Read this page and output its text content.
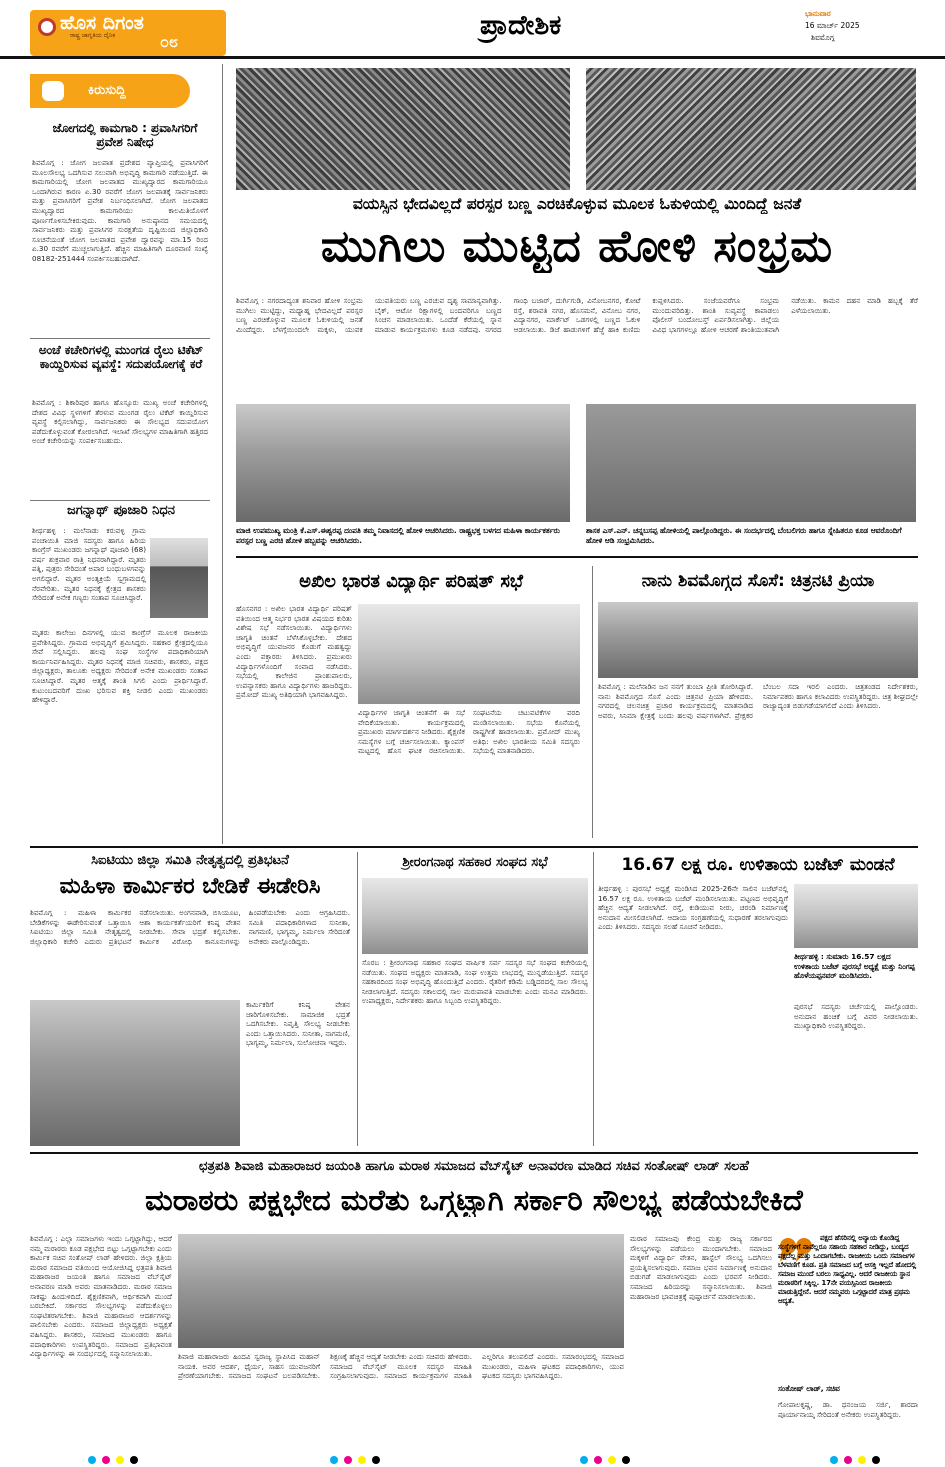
ಹೊಸ ದಿಗಂತ
ರಾಷ್ಟ್ರ ಜಾಗೃತಿಯ ದೈನಿಕ	೦೮
ಪ್ರಾದೇಶಿಕ	ಭಾನುವಾರ
16 ಮಾರ್ಚ್ 2025
ಶಿವಮೊಗ್ಗ
ಕಿರುಸುದ್ದಿ
ಜೋಗದಲ್ಲಿ ಕಾಮಗಾರಿ : ಪ್ರವಾಸಿಗರಿಗೆ ಪ್ರವೇಶ ನಿಷೇಧ
ಶಿವಮೊಗ್ಗ : ಜೋಗ ಜಲಪಾತ ಪ್ರದೇಶದ ವ್ಯಾಪ್ತಿಯಲ್ಲಿ ಪ್ರವಾಸಿಗರಿಗೆ ಮೂಲಸೌಲಭ್ಯ ಒದಗಿಸುವ ಸಲುವಾಗಿ ಅಭಿವೃದ್ಧಿ ಕಾಮಗಾರಿ ನಡೆಯುತ್ತಿದೆ. ಈ ಕಾಮಗಾರಿಯಲ್ಲಿ ಜೋಗ ಜಲಪಾತದ ಮುಖ್ಯದ್ವಾರದ ಕಾಮಗಾರಿಯೂ ಒಂದಾಗಿರುವ ಕಾರಣ ಏ.30 ರವರೆಗೆ ಜೋಗ ಜಲಪಾತಕ್ಕೆ ಸಾರ್ವಜನಿಕರು ಮತ್ತು ಪ್ರವಾಸಿಗರಿಗೆ ಪ್ರವೇಶ ನಿರ್ಬಂಧಿಸಲಾಗಿದೆ. ಜೋಗ ಜಲಪಾತದ ಮುಖ್ಯದ್ವಾರದ ಕಾಮಗಾರಿಯು ಕಾಲಮಿತಿಯೊಳಗೆ ಪೂರ್ಣಗೊಳಿಸಬೇಕಿರುವುದು. ಕಾಮಗಾರಿ ಅನುಷ್ಠಾನದ ಸಮಯದಲ್ಲಿ ಸಾರ್ವಜನಿಕರು ಮತ್ತು ಪ್ರವಾಸಿಗರ ಸುರಕ್ಷತೆಯ ದೃಷ್ಟಿಯಿಂದ ಜಿಲ್ಲಾಧಿಕಾರಿ ಸೂಚನೆಯಂತೆ ಜೋಗ ಜಲಪಾತದ ಪ್ರವೇಶ ದ್ವಾರವನ್ನು ಮಾ.15 ರಿಂದ ಏ.30 ರವರೆಗೆ ಮುಚ್ಚಲಾಗುತ್ತಿದೆ. ಹೆಚ್ಚಿನ ಮಾಹಿತಿಗಾಗಿ ದೂರವಾಣಿ ಸಂಖ್ಯೆ 08182-251444 ಸಂಪರ್ಕಿಸಬಹುದಾಗಿದೆ.
ಅಂಚೆ ಕಚೇರಿಗಳಲ್ಲಿ ಮುಂಗಡ ರೈಲು ಟಿಕೆಟ್ ಕಾಯ್ದಿರಿಸುವ ವ್ಯವಸ್ಥೆ: ಸದುಪಯೋಗಕ್ಕೆ ಕರೆ
ಶಿವಮೊಗ್ಗ : ಶಿಕಾರಿಪುರ ಹಾಗೂ ಹೊಸ್ಸೂರು ಮುಖ್ಯ ಅಂಚೆ ಕಚೇರಿಗಳಲ್ಲಿ ದೇಶದ ವಿವಿಧ ಸ್ಥಳಗಳಿಗೆ ತೆರಳುವ ಮುಂಗಡ ರೈಲು ಟಿಕೆಟ್ ಕಾಯ್ದಿರಿಸುವ ವ್ಯವಸ್ಥೆ ಕಲ್ಪಿಸಲಾಗಿದ್ದು, ಸಾರ್ವಜನಿಕರು ಈ ಸೌಲಭ್ಯದ ಸದುಪಯೋಗ ಪಡೆದುಕೊಳ್ಳುವಂತೆ ಕೋರಲಾಗಿದೆ. ಇಲಾಖೆ ಸೌಲಭ್ಯಗಳ ಮಾಹಿತಿಗಾಗಿ ಹತ್ತಿರದ ಅಂಚೆ ಕಚೇರಿಯನ್ನು ಸಂಪರ್ಕಿಸಬಹುದು.
ಜಗನ್ನಾಥ್ ಪೂಜಾರಿ ನಿಧನ
ಶೀರ್ಥಹಳ್ಳಿ : ಮಲೆನಾಡು ಕರುವಳ್ಳಿ ಗ್ರಾಮ ಪಂಚಾಯಿತಿ ಮಾಜಿ ಸದಸ್ಯರು ಹಾಗೂ ಹಿರಿಯ ಕಾಂಗ್ರೆಸ್ ಮುಖಂಡರು ಜಗನ್ನಾಥ್ ಪೂಜಾರಿ (68) ವರ್ಷ ಶುಕ್ರವಾರ ರಾತ್ರಿ ನಿಧನರಾಗಿದ್ದಾರೆ. ಮೃತರು ಪತ್ನಿ, ಪುತ್ರರು ಸೇರಿದಂತೆ ಅಪಾರ ಬಂಧುಬಳಗವನ್ನು ಅಗಲಿದ್ದಾರೆ. ಮೃತರ ಅಂತ್ಯಕ್ರಿಯೆ ಸ್ವಗ್ರಾಮದಲ್ಲಿ ನೆರವೇರಿತು. ಮೃತರ ನಿಧನಕ್ಕೆ ಕ್ಷೇತ್ರದ ಶಾಸಕರು ಸೇರಿದಂತೆ ಅನೇಕ ಗಣ್ಯರು ಸಂತಾಪ ಸೂಚಿಸಿದ್ದಾರೆ.
ಮೃತರು ಕಾಲೇಜು ದಿನಗಳಲ್ಲಿ ಯುವ ಕಾಂಗ್ರೆಸ್ ಮೂಲಕ ರಾಜಕೀಯ ಪ್ರವೇಶಿಸಿದ್ದರು. ಗ್ರಾಮದ ಅಭಿವೃದ್ಧಿಗೆ ಶ್ರಮಿಸಿದ್ದರು. ಸಹಕಾರ ಕ್ಷೇತ್ರದಲ್ಲಿಯೂ ಸೇವೆ ಸಲ್ಲಿಸಿದ್ದರು. ಹಲವು ಸಂಘ ಸಂಸ್ಥೆಗಳ ಪದಾಧಿಕಾರಿಯಾಗಿ ಕಾರ್ಯನಿರ್ವಹಿಸಿದ್ದರು. ಮೃತರ ನಿಧನಕ್ಕೆ ಮಾಜಿ ಸಚಿವರು, ಶಾಸಕರು, ಪಕ್ಷದ ಜಿಲ್ಲಾಧ್ಯಕ್ಷರು, ತಾಲೂಕು ಅಧ್ಯಕ್ಷರು ಸೇರಿದಂತೆ ಅನೇಕ ಮುಖಂಡರು ಸಂತಾಪ ಸೂಚಿಸಿದ್ದಾರೆ. ಮೃತರ ಆತ್ಮಕ್ಕೆ ಶಾಂತಿ ಸಿಗಲಿ ಎಂದು ಪ್ರಾರ್ಥಿಸಿದ್ದಾರೆ. ಕುಟುಂಬದವರಿಗೆ ದುಃಖ ಭರಿಸುವ ಶಕ್ತಿ ನೀಡಲಿ ಎಂದು ಮುಖಂಡರು ಹೇಳಿದ್ದಾರೆ.
ವಯಸ್ಸಿನ ಭೇದವಿಲ್ಲದೆ ಪರಸ್ಪರ ಬಣ್ಣ ಎರಚಿಕೊಳ್ಳುವ ಮೂಲಕ ಓಕುಳಿಯಲ್ಲಿ ಮಿಂದಿದ್ದೆ ಜನತೆ
ಮುಗಿಲು ಮುಟ್ಟಿದ ಹೋಳಿ ಸಂಭ್ರಮ
ಶಿವಮೊಗ್ಗ : ನಗರದಾದ್ಯಂತ ಶನಿವಾರ ಹೋಳಿ ಸಂಭ್ರಮ ಮುಗಿಲು ಮುಟ್ಟಿದ್ದು, ಮಧ್ಯಾಹ್ನ ಭೇದವಿಲ್ಲದೆ ಪರಸ್ಪರ ಬಣ್ಣ ಎರಚಿಕೊಳ್ಳುವ ಮೂಲಕ ಓಕುಳಿಯಲ್ಲಿ ಜನತೆ ಮಿಂದೆದ್ದರು. ಬೆಳಗ್ಗೆಯಿಂದಲೇ ಮಕ್ಕಳು, ಯುವಕ ಯುವತಿಯರು ಬಣ್ಣ ಎರಚುವ ದೃಶ್ಯ ಸಾಮಾನ್ಯವಾಗಿತ್ತು. ಬೈಕ್, ಆಟೋ ರಿಕ್ಷಾಗಳಲ್ಲಿ ಬಂದವರಿಗೂ ಬಣ್ಣದ ಸಿಂಚನ ಮಾಡಲಾಯಿತು. ಒಂದೆಡೆ ಕೆರೆಯಲ್ಲಿ ಸ್ನಾನ ಮಾಡುವ ಕಾರ್ಯಕ್ರಮಗಳು ಕೂಡ ನಡೆದವು. ನಗರದ ಗಾಂಧಿ ಬಜಾರ್, ದುರ್ಗಿಗುಡಿ, ವಿನೋಬನಗರ, ಕೋಟೆ ರಸ್ತೆ, ಶರಾವತಿ ನಗರ, ಹೊಸಮನೆ, ವಿನೋಬ ನಗರ, ವಿದ್ಯಾನಗರ, ಮಾರ್ಕೆಟ್ ಒಡಗಳಲ್ಲಿ ಬಣ್ಣದ ಓಕುಳಿ ಆಡಲಾಯಿತು. ಡಿಜೆ ಹಾಡುಗಳಿಗೆ ಹೆಜ್ಜೆ ಹಾಕಿ ಕುಣಿದು ಕುಪ್ಪಳಿಸಿದರು. ಸಂಜೆಯವರೆಗೂ ಸಂಭ್ರಮ ಮುಂದುವರಿದಿತ್ತು. ಶಾಂತಿ ಸುವ್ಯವಸ್ಥೆ ಕಾಪಾಡಲು ಪೊಲೀಸ್ ಬಂದೋಬಸ್ತ್ ಏರ್ಪಡಿಸಲಾಗಿತ್ತು. ಜಿಲ್ಲೆಯ ವಿವಿಧ ಭಾಗಗಳಲ್ಲೂ ಹೋಳಿ ಆಚರಣೆ ಶಾಂತಿಯುತವಾಗಿ ನಡೆಯಿತು. ಕಾಮನ ದಹನ ಮಾಡಿ ಹಬ್ಬಕ್ಕೆ ತೆರೆ ಎಳೆಯಲಾಯಿತು.
ಮಾಜಿ ಉಪಮುಖ್ಯ ಮಂತ್ರಿ ಕೆ.ಎಸ್.ಈಶ್ವರಪ್ಪ ದಂಪತಿ ತಮ್ಮ ನಿವಾಸದಲ್ಲಿ ಹೋಳಿ ಆಚರಿಸಿದರು. ರಾಷ್ಟ್ರಭಕ್ತ ಬಳಗದ ಮಹಿಳಾ ಕಾರ್ಯಕರ್ತರು ಪರಸ್ಪರ ಬಣ್ಣ ಎರಚಿ ಹೋಳಿ ಹಬ್ಬವನ್ನು ಆಚರಿಸಿದರು.
ಶಾಸಕ ಎಸ್.ಎನ್. ಚನ್ನಬಸಪ್ಪ ಹೋಳಿಯಲ್ಲಿ ಪಾಲ್ಗೊಂಡಿದ್ದರು. ಈ ಸಂದರ್ಭದಲ್ಲಿ ಬೆಂಬಲಿಗರು ಹಾಗೂ ಸ್ನೇಹಿತರೂ ಕೂಡ ಆವರೊಂದಿಗೆ ಹೋಳಿ ಆಡಿ ಸಂಭ್ರಮಿಸಿದರು.
ಅಖಿಲ ಭಾರತ ವಿದ್ಯಾರ್ಥಿ ಪರಿಷತ್ ಸಭೆ
ಹೊಸನಗರ : ಅಖಿಲ ಭಾರತ ವಿದ್ಯಾರ್ಥಿ ಪರಿಷತ್ ವತಿಯಿಂದ ಆತ್ಮ ನಿರ್ಭರ ಭಾರತ ವಿಷಯದ ಕುರಿತು ವಿಶೇಷ ಸಭೆ ನಡೆಸಲಾಯಿತು. ವಿದ್ಯಾರ್ಥಿಗಳು ಜಾಗೃತಿ ಚಿಂತನೆ ಬೆಳೆಸಿಕೊಳ್ಳಬೇಕು. ದೇಶದ ಅಭಿವೃದ್ಧಿಗೆ ಯುವಜನರ ಕೊಡುಗೆ ಮಹತ್ವದ್ದು ಎಂದು ವಕ್ತಾರರು ತಿಳಿಸಿದರು. ಪ್ರಮುಖರು ವಿದ್ಯಾರ್ಥಿಗಳೊಂದಿಗೆ ಸಂವಾದ ನಡೆಸಿದರು. ಸಭೆಯಲ್ಲಿ ಕಾಲೇಜಿನ ಪ್ರಾಂಶುಪಾಲರು, ಉಪನ್ಯಾಸಕರು ಹಾಗೂ ವಿದ್ಯಾರ್ಥಿಗಳು ಹಾಜರಿದ್ದರು. ಪ್ರಮೋದ್ ಮುಖ್ಯ ಅತಿಥಿಯಾಗಿ ಭಾಗವಹಿಸಿದ್ದರು.
ವಿದ್ಯಾರ್ಥಿಗಳ ಜಾಗೃತಿ ಚಿಂತನೆಗೆ ಈ ಸಭೆ ವೇದಿಕೆಯಾಯಿತು. ಕಾರ್ಯಕ್ರಮದಲ್ಲಿ ಪ್ರಮುಖರು ಮಾರ್ಗದರ್ಶನ ನೀಡಿದರು. ಶೈಕ್ಷಣಿಕ ಸಮಸ್ಯೆಗಳ ಬಗ್ಗೆ ಚರ್ಚಿಸಲಾಯಿತು. ಕ್ಯಾಂಪಸ್ ಮಟ್ಟದಲ್ಲಿ ಹೊಸ ಘಟಕ ರಚಿಸಲಾಯಿತು. ಸಂಘಟನೆಯ ಚಟುವಟಿಕೆಗಳ ವರದಿ ಮಂಡಿಸಲಾಯಿತು. ಸಭೆಯ ಕೊನೆಯಲ್ಲಿ ರಾಷ್ಟ್ರಗೀತೆ ಹಾಡಲಾಯಿತು. ಪ್ರಮೋದ್ ಮುಖ್ಯ ಅತಿಥಿ: ಅಖಿಲ ಭಾರತೀಯ ಸಮಿತಿ ಸದಸ್ಯರು ಸಭೆಯಲ್ಲಿ ಮಾತನಾಡಿದರು.
ನಾನು ಶಿವಮೊಗ್ಗದ ಸೊಸೆ: ಚಿತ್ರನಟಿ ಪ್ರಿಯಾ
ಶಿವಮೊಗ್ಗ : ಮಲೆನಾಡಿನ ಜನ ನನಗೆ ತುಂಬಾ ಪ್ರೀತಿ ತೋರಿಸಿದ್ದಾರೆ. ನಾನು ಶಿವಮೊಗ್ಗದ ಸೊಸೆ ಎಂದು ಚಿತ್ರನಟಿ ಪ್ರಿಯಾ ಹೇಳಿದರು. ನಗರದಲ್ಲಿ ಚಲನಚಿತ್ರ ಪ್ರಚಾರ ಕಾರ್ಯಕ್ರಮದಲ್ಲಿ ಮಾತನಾಡಿದ ಅವರು, ಸಿನಿಮಾ ಕ್ಷೇತ್ರಕ್ಕೆ ಬಂದು ಹಲವು ವರ್ಷಗಳಾಗಿವೆ. ಪ್ರೇಕ್ಷಕರ ಬೆಂಬಲ ಸದಾ ಇರಲಿ ಎಂದರು. ಚಿತ್ರತಂಡದ ನಿರ್ದೇಶಕರು, ನಿರ್ಮಾಪಕರು ಹಾಗೂ ಕಲಾವಿದರು ಉಪಸ್ಥಿತರಿದ್ದರು. ಚಿತ್ರ ಶೀಘ್ರದಲ್ಲೇ ರಾಜ್ಯಾದ್ಯಂತ ಬಿಡುಗಡೆಯಾಗಲಿದೆ ಎಂದು ತಿಳಿಸಿದರು.
ಸಿಐಟಿಯು ಜಿಲ್ಲಾ ಸಮಿತಿ ನೇತೃತ್ವದಲ್ಲಿ ಪ್ರತಿಭಟನೆ
ಮಹಿಳಾ ಕಾರ್ಮಿಕರ ಬೇಡಿಕೆ ಈಡೇರಿಸಿ
ಶಿವಮೊಗ್ಗ : ಮಹಿಳಾ ಕಾರ್ಮಿಕರ ಬೇಡಿಕೆಗಳನ್ನು ಈಡೇರಿಸುವಂತೆ ಒತ್ತಾಯಿಸಿ ಸಿಐಟಿಯು ಜಿಲ್ಲಾ ಸಮಿತಿ ನೇತೃತ್ವದಲ್ಲಿ ಜಿಲ್ಲಾಧಿಕಾರಿ ಕಚೇರಿ ಎದುರು ಪ್ರತಿಭಟನೆ ನಡೆಸಲಾಯಿತು. ಅಂಗನವಾಡಿ, ಬಿಸಿಯೂಟ, ಆಶಾ ಕಾರ್ಯಕರ್ತೆಯರಿಗೆ ಕನಿಷ್ಠ ವೇತನ ನೀಡಬೇಕು. ಸೇವಾ ಭದ್ರತೆ ಕಲ್ಪಿಸಬೇಕು. ಕಾರ್ಮಿಕ ವಿರೋಧಿ ಕಾನೂನುಗಳನ್ನು ಹಿಂಪಡೆಯಬೇಕು ಎಂದು ಆಗ್ರಹಿಸಿದರು. ಸಮಿತಿ ಪದಾಧಿಕಾರಿಗಳಾದ ಸುನೀತಾ, ನಾಗಮಣಿ, ಭಾಗ್ಯಮ್ಮ, ನಿರ್ಮಲಾ ಸೇರಿದಂತೆ ಅನೇಕರು ಪಾಲ್ಗೊಂಡಿದ್ದರು.
ಕಾರ್ಮಿಕರಿಗೆ ಕನಿಷ್ಠ ವೇತನ ಜಾರಿಗೊಳಿಸಬೇಕು. ಸಾಮಾಜಿಕ ಭದ್ರತೆ ಒದಗಿಸಬೇಕು. ನಿವೃತ್ತಿ ಸೌಲಭ್ಯ ನೀಡಬೇಕು ಎಂದು ಒತ್ತಾಯಿಸಿದರು. ಸುನೀತಾ, ನಾಗಮಣಿ, ಭಾಗ್ಯಮ್ಮ, ನಿರ್ಮಲಾ, ಸುಲೋಚನಾ ಇದ್ದರು.
ಶ್ರೀರಂಗನಾಥ ಸಹಕಾರ ಸಂಘದ ಸಭೆ
ಸೊರಬ : ಶ್ರೀರಂಗನಾಥ ಸಹಕಾರ ಸಂಘದ ವಾರ್ಷಿಕ ಸರ್ವ ಸದಸ್ಯರ ಸಭೆ ಸಂಘದ ಕಚೇರಿಯಲ್ಲಿ ನಡೆಯಿತು. ಸಂಘದ ಅಧ್ಯಕ್ಷರು ಮಾತನಾಡಿ, ಸಂಘ ಉತ್ತಮ ಲಾಭದಲ್ಲಿ ಮುನ್ನಡೆಯುತ್ತಿದೆ. ಸದಸ್ಯರ ಸಹಕಾರದಿಂದ ಸಂಘ ಅಭಿವೃದ್ಧಿ ಹೊಂದುತ್ತಿದೆ ಎಂದರು. ರೈತರಿಗೆ ಕಡಿಮೆ ಬಡ್ಡಿದರದಲ್ಲಿ ಸಾಲ ಸೌಲಭ್ಯ ನೀಡಲಾಗುತ್ತಿದೆ. ಸದಸ್ಯರು ಸಕಾಲದಲ್ಲಿ ಸಾಲ ಮರುಪಾವತಿ ಮಾಡಬೇಕು ಎಂದು ಮನವಿ ಮಾಡಿದರು. ಉಪಾಧ್ಯಕ್ಷರು, ನಿರ್ದೇಶಕರು ಹಾಗೂ ಸಿಬ್ಬಂದಿ ಉಪಸ್ಥಿತರಿದ್ದರು.
16.67 ಲಕ್ಷ ರೂ. ಉಳಿತಾಯ ಬಜೆಟ್ ಮಂಡನೆ
ತೀರ್ಥಹಳ್ಳಿ : ಪುರಸಭೆ ಅಧ್ಯಕ್ಷೆ ಮಂಡಿಸಿದ 2025-26ನೇ ಸಾಲಿನ ಬಜೆಟ್‌ನಲ್ಲಿ 16.57 ಲಕ್ಷ ರೂ. ಉಳಿತಾಯ ಬಜೆಟ್ ಮಂಡಿಸಲಾಯಿತು. ಪಟ್ಟಣದ ಅಭಿವೃದ್ಧಿಗೆ ಹೆಚ್ಚಿನ ಆದ್ಯತೆ ನೀಡಲಾಗಿದೆ. ರಸ್ತೆ, ಕುಡಿಯುವ ನೀರು, ಚರಂಡಿ ನಿರ್ಮಾಣಕ್ಕೆ ಅನುದಾನ ಮೀಸಲಿಡಲಾಗಿದೆ. ಆದಾಯ ಸಂಗ್ರಹಣೆಯಲ್ಲಿ ಸುಧಾರಣೆ ತರಲಾಗುವುದು ಎಂದು ತಿಳಿಸಿದರು. ಸದಸ್ಯರು ಸಲಹೆ ಸೂಚನೆ ನೀಡಿದರು.
ತೀರ್ಥಹಳ್ಳಿ : ಸುಮಾರು 16.57 ಲಕ್ಷದ ಉಳಿತಾಯ ಬಜೆಟ್ ಪುರಸಭೆ ಅಧ್ಯಕ್ಷೆ ಮತ್ತು ನಿಂಗಪ್ಪ ಹೊಳೆಯಪ್ಪನವರ್ ಮಂಡಿಸಿದರು.
ಪುರಸಭೆ ಸದಸ್ಯರು ಚರ್ಚೆಯಲ್ಲಿ ಪಾಲ್ಗೊಂಡರು. ಅನುದಾನ ಹಂಚಿಕೆ ಬಗ್ಗೆ ವಿವರ ನೀಡಲಾಯಿತು. ಮುಖ್ಯಾಧಿಕಾರಿ ಉಪಸ್ಥಿತರಿದ್ದರು.
ಛತ್ರಪತಿ ಶಿವಾಜಿ ಮಹಾರಾಜರ ಜಯಂತಿ ಹಾಗೂ ಮರಾಠ ಸಮಾಜದ ವೆಬ್‌ಸೈಟ್ ಅನಾವರಣ ಮಾಡಿದ ಸಚಿವ ಸಂತೋಷ್ ಲಾಡ್ ಸಲಹೆ
ಮರಾಠರು ಪಕ್ಷಭೇದ ಮರೆತು ಒಗ್ಗಟ್ಟಾಗಿ ಸರ್ಕಾರಿ ಸೌಲಭ್ಯ ಪಡೆಯಬೇಕಿದೆ
ಶಿವಮೊಗ್ಗ : ಎಲ್ಲಾ ಸಮಾಜಗಳು ಇಂದು ಒಗ್ಗಟ್ಟಾಗಿದ್ದು, ಆದರೆ ನಮ್ಮ ಮರಾಠರು ಕೂಡ ಪಕ್ಷಭೇದ ಬಿಟ್ಟು ಒಗ್ಗಟ್ಟಾಗಬೇಕು ಎಂದು ಕಾರ್ಮಿಕ ಸಚಿವ ಸಂತೋಷ್ ಲಾಡ್ ಹೇಳಿದರು. ಜಿಲ್ಲಾ ಕ್ಷತ್ರಿಯ ಮರಾಠ ಸಮಾಜದ ವತಿಯಿಂದ ಆಯೋಜಿಸಿದ್ದ ಛತ್ರಪತಿ ಶಿವಾಜಿ ಮಹಾರಾಜರ ಜಯಂತಿ ಹಾಗೂ ಸಮಾಜದ ವೆಬ್‌ಸೈಟ್ ಅನಾವರಣ ಮಾಡಿ ಅವರು ಮಾತನಾಡಿದರು. ಮರಾಠ ಸಮಾಜ ಸಾಕಷ್ಟು ಹಿಂದುಳಿದಿದೆ. ಶೈಕ್ಷಣಿಕವಾಗಿ, ಆರ್ಥಿಕವಾಗಿ ಮುಂದೆ ಬರಬೇಕಿದೆ. ಸರ್ಕಾರದ ಸೌಲಭ್ಯಗಳನ್ನು ಪಡೆದುಕೊಳ್ಳಲು ಸಂಘಟಿತರಾಗಬೇಕು. ಶಿವಾಜಿ ಮಹಾರಾಜರ ಆದರ್ಶಗಳನ್ನು ಪಾಲಿಸಬೇಕು ಎಂದರು. ಸಮಾಜದ ಜಿಲ್ಲಾಧ್ಯಕ್ಷರು ಅಧ್ಯಕ್ಷತೆ ವಹಿಸಿದ್ದರು. ಶಾಸಕರು, ಸಮಾಜದ ಮುಖಂಡರು ಹಾಗೂ ಪದಾಧಿಕಾರಿಗಳು ಉಪಸ್ಥಿತರಿದ್ದರು. ಸಮಾಜದ ಪ್ರತಿಭಾವಂತ ವಿದ್ಯಾರ್ಥಿಗಳನ್ನು ಈ ಸಂದರ್ಭದಲ್ಲಿ ಸನ್ಮಾನಿಸಲಾಯಿತು.	ಶಿವಾಜಿ ಮಹಾರಾಜರು ಹಿಂದವಿ ಸ್ವರಾಜ್ಯ ಸ್ಥಾಪಿಸಿದ ಮಹಾನ್ ನಾಯಕ. ಅವರ ಆದರ್ಶ, ಧೈರ್ಯ, ಸಾಹಸ ಯುವಜನರಿಗೆ ಪ್ರೇರಣೆಯಾಗಬೇಕು. ಸಮಾಜದ ಸಂಘಟನೆ ಬಲಪಡಿಸಬೇಕು. ಶಿಕ್ಷಣಕ್ಕೆ ಹೆಚ್ಚಿನ ಆದ್ಯತೆ ನೀಡಬೇಕು ಎಂದು ಸಚಿವರು ಹೇಳಿದರು. ಸಮಾಜದ ವೆಬ್‌ಸೈಟ್ ಮೂಲಕ ಸದಸ್ಯರ ಮಾಹಿತಿ ಸಂಗ್ರಹಿಸಲಾಗುವುದು. ಸಮಾಜದ ಕಾರ್ಯಕ್ರಮಗಳ ಮಾಹಿತಿ ಎಲ್ಲರಿಗೂ ತಲುಪಲಿದೆ ಎಂದರು. ಸಮಾರಂಭದಲ್ಲಿ ಸಮಾಜದ ಮುಖಂಡರು, ಮಹಿಳಾ ಘಟಕದ ಪದಾಧಿಕಾರಿಗಳು, ಯುವ ಘಟಕದ ಸದಸ್ಯರು ಭಾಗವಹಿಸಿದ್ದರು.
ಮರಾಠ ಸಮಾಜವು ಕೇಂದ್ರ ಮತ್ತು ರಾಜ್ಯ ಸರ್ಕಾರದ ಸೌಲಭ್ಯಗಳನ್ನು ಪಡೆಯಲು ಮುಂದಾಗಬೇಕು. ಸಮಾಜದ ಮಕ್ಕಳಿಗೆ ವಿದ್ಯಾರ್ಥಿ ವೇತನ, ಹಾಸ್ಟೆಲ್ ಸೌಲಭ್ಯ ಒದಗಿಸಲು ಪ್ರಯತ್ನಿಸಲಾಗುವುದು. ಸಮಾಜ ಭವನ ನಿರ್ಮಾಣಕ್ಕೆ ಅನುದಾನ ಬಿಡುಗಡೆ ಮಾಡಲಾಗುವುದು ಎಂದು ಭರವಸೆ ನೀಡಿದರು. ಸಮಾಜದ ಹಿರಿಯರನ್ನು ಸನ್ಮಾನಿಸಲಾಯಿತು. ಶಿವಾಜಿ ಮಹಾರಾಜರ ಭಾವಚಿತ್ರಕ್ಕೆ ಪುಷ್ಪಾರ್ಚನೆ ಮಾಡಲಾಯಿತು.
ಪಕ್ಷದ ಹೆಸರಿನಲ್ಲಿ ಅನ್ಯಾಯ ಕೊಂಡಿದ್ದ ಸಂಸ್ಥೆಗಳಿಗೆ ನಾವೆಲ್ಲರೂ ಸಹಾಯ ಸಹಕಾರ ನೀಡಿದ್ದು, ಬಂದ್ಯದ ಪಕ್ಷದೆಲ್ಲ ಮತ್ತು ಒಂದಾಗಬೇಕು. ರಾಜಕೀಯ ಒಂದು ಸಮಾಜಗಳ ಬೆಳವಣಿಗೆ ಕೂಡ. ಪ್ರತಿ ಸಮಾಜದ ಬಗ್ಗೆ ಆಸಕ್ತಿ ಇಲ್ಲದೆ ಹೋದಲ್ಲಿ ಸಮಾಜ ಮುಂದೆ ಬರಲು ಸಾಧ್ಯವಿಲ್ಲ. ಆದರೆ ರಾಜಕೀಯ ಸ್ಥಾನ ಮರಾಠರಿಗೆ ಸಿಕ್ಕಿಲ್ಲ. 17ನೇ ವಯಸ್ಸಿನಿಂದ ರಾಜಕೀಯ ಮಾಡುತ್ತಿದ್ದೇನೆ. ಆದರೆ ನಮ್ಮವರು ಒಗ್ಗಟ್ಟಾದರೆ ಮಾತ್ರ ಪ್ರಥಮ ಆದ್ಯತೆ.
ಸಂತೋಷ್ ಲಾಡ್, ಸಚಿವ
ಗೋಪಾಲಕೃಷ್ಣ, ಡಾ. ಧನಂಜಯ ಸರ್ಜಿ, ಶಾರದಾ ಪೂರ್ಯಾನಾಯ್ಕ ಸೇರಿದಂತೆ ಅನೇಕರು ಉಪಸ್ಥಿತರಿದ್ದರು.
